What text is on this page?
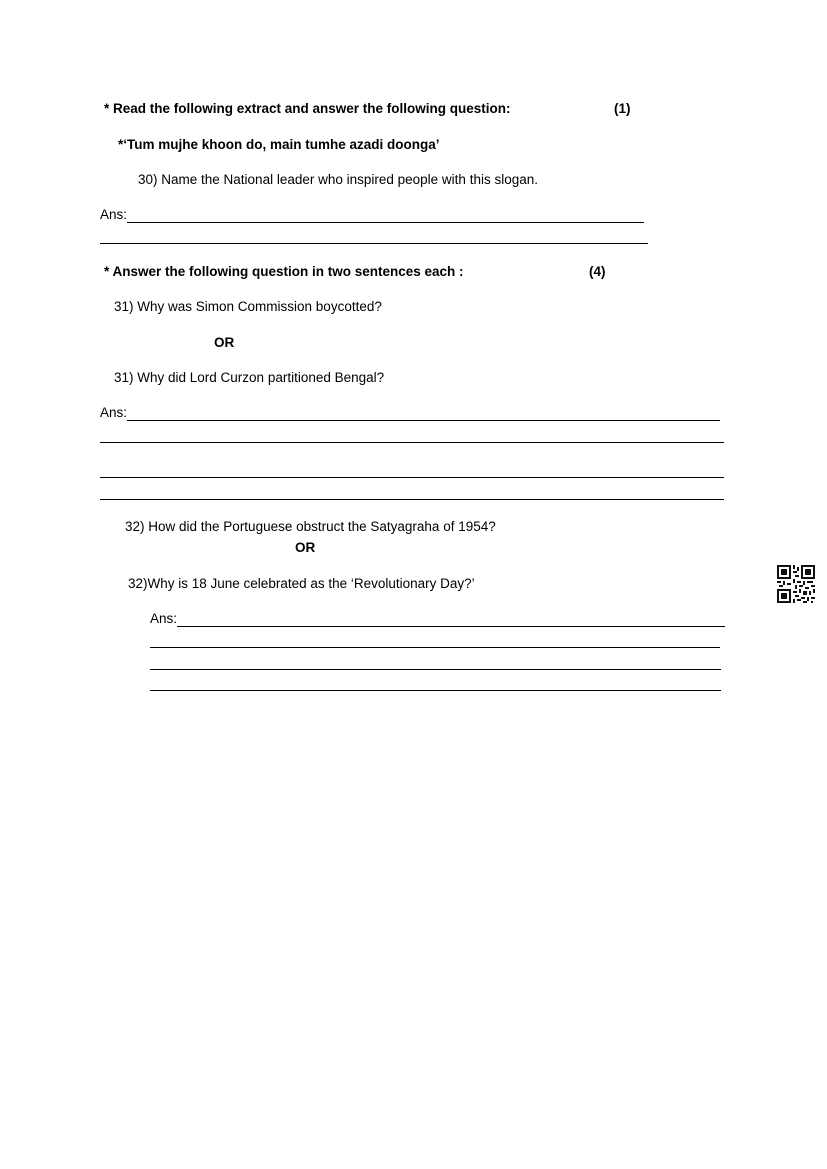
* Read the following extract and answer the following question:	(1)
*‘Tum mujhe khoon do, main tumhe azadi doonga’
30) Name the National leader who inspired people with this slogan.
Ans:
* Answer the following question in two sentences each :	(4)
31) Why was Simon Commission boycotted?
OR
31) Why did Lord Curzon partitioned Bengal?
Ans:
32) How did the Portuguese obstruct the Satyagraha of 1954?
OR
32)Why is 18 June celebrated as the ‘Revolutionary Day?’
Ans:
